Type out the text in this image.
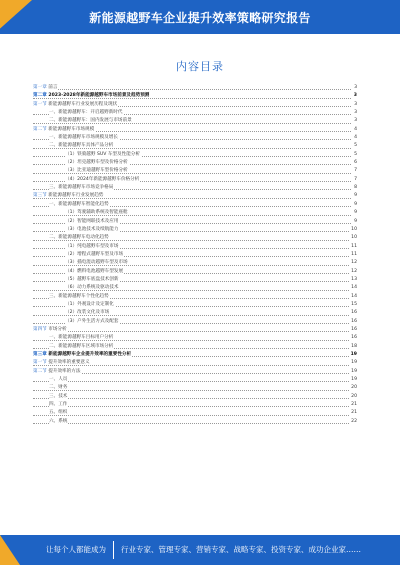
新能源越野车企业提升效率策略研究报告
内容目录
第一章 前言	3
第二章 2023-2028年新能源越野车市场前景及趋势预测	3
第一节 新能源越野车行业发展历程及现状	3
一、新能源越野车：开启越野新时代	3
二、新能源越野车：国内发展与市场前景	3
第二节 新能源越野车市场规模	4
一、新能源越野车市场规模及增长	4
二、新能源越野车具体产品分析	5
（1）铁骑越野 SUV 车型及性能分析	5
（2）坦克越野车型及价格分析	6
（3）比亚迪越野车型价格分析	7
（4）2024年新能源越野车价格分析	7
三、新能源越野车市场竞争格局	8
第三节 新能源越野车行业发展趋势	9
一、新能源越野车智能化趋势	9
（1）驾驶辅助系统及智能座舱	9
（2）智能网联技术及应用	9
（3）电池技术及续航能力	10
二、新能源越野车电动化趋势	10
（1）纯电越野车型及市场	11
（2）增程式越野车型及市场	11
（3）插电混动越野车型及市场	12
（4）燃料电池越野车型发展	12
（5）越野车底盘技术创新	13
（6）动力系统及驱动技术	14
三、新能源越野车个性化趋势	14
（1）外观设计及定制化	15
（2）改装文化及市场	16
（3）户外生活方式及配套	16
第四节 市场分析	16
一、新能源越野车目标用户分析	16
二、新能源越野车区域市场分析	18
第三章 新能源越野车企业提升效率的重要性分析	19
第一节 提升效率的重要意义	19
第二节 提升效率的方法	19
一、人员	19
二、财务	20
三、技术	20
四、工作	21
五、组织	21
六、系统	22
让每个人都能成为 行业专家、管理专家、营销专家、战略专家、投资专家、成功企业家……
